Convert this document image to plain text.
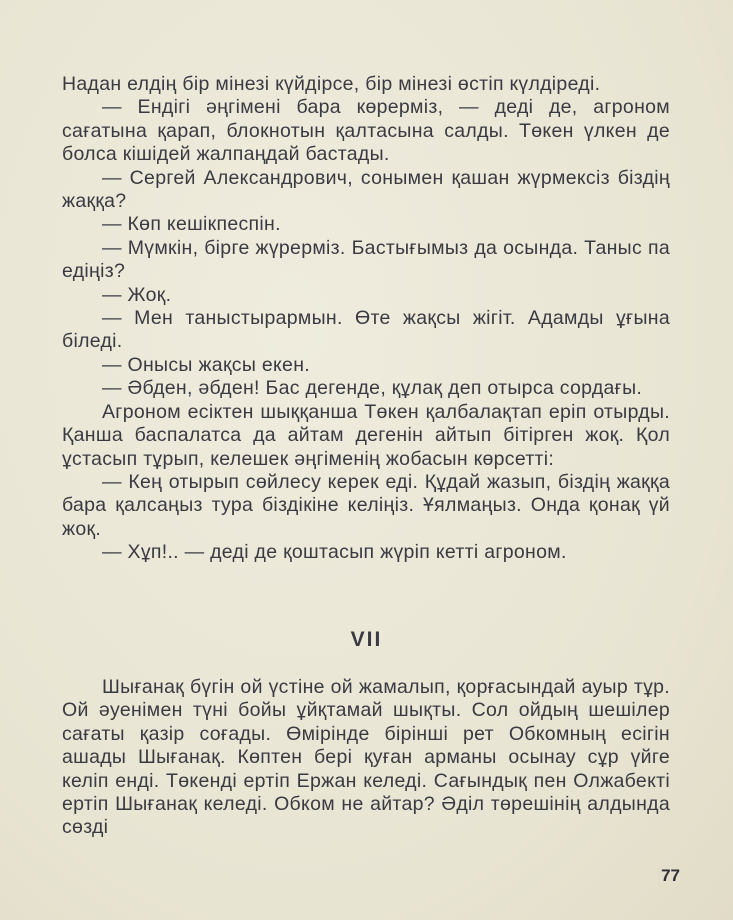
Надан елдің бір мінезі күйдірсе, бір мінезі өстіп күлдіреді.

— Ендігі әңгімені бара көрерміз, — деді де, агроном сағатына қарап, блокнотын қалтасына салды. Төкен үлкен де болса кішідей жалпаңдай бастады.

— Сергей Александрович, сонымен қашан жүрмексіз біздің жаққа?

— Көп кешікпеспін.

— Мүмкін, бірге жүрерміз. Бастығымыз да осында. Таныс па едіңіз?

— Жоқ.

— Мен таныстырармын. Өте жақсы жігіт. Адамды ұғына біледі.

— Онысы жақсы екен.

— Әбден, әбден! Бас дегенде, құлақ деп отырса сордағы.

Агроном есіктен шыққанша Төкен қалбалақтап еріп отырды. Қанша баспалатса да айтам дегенін айтып бітірген жоқ. Қол ұстасып тұрып, келешек әңгіменің жобасын көрсетті:

— Кең отырып сөйлесу керек еді. Құдай жазып, біздің жаққа бара қалсаңыз тура біздікіне келіңіз. Ұялмаңыз. Онда қонақ үй жоқ.

— Хұп!.. — деді де қоштасып жүріп кетті агроном.

VII

Шығанақ бүгін ой үстіне ой жамалып, қорғасындай ауыр тұр. Ой әуенімен түні бойы ұйқтамай шықты. Сол ойдың шешілер сағаты қазір соғады. Өмірінде бірінші рет Обкомның есігін ашады Шығанақ. Көптен бері қуған арманы осынау сұр үйге келіп енді. Төкенді ертіп Ержан келеді. Сағындық пен Олжабекті ертіп Шығанақ келеді. Обком не айтар? Әділ төрешінің алдында сөзді

77
